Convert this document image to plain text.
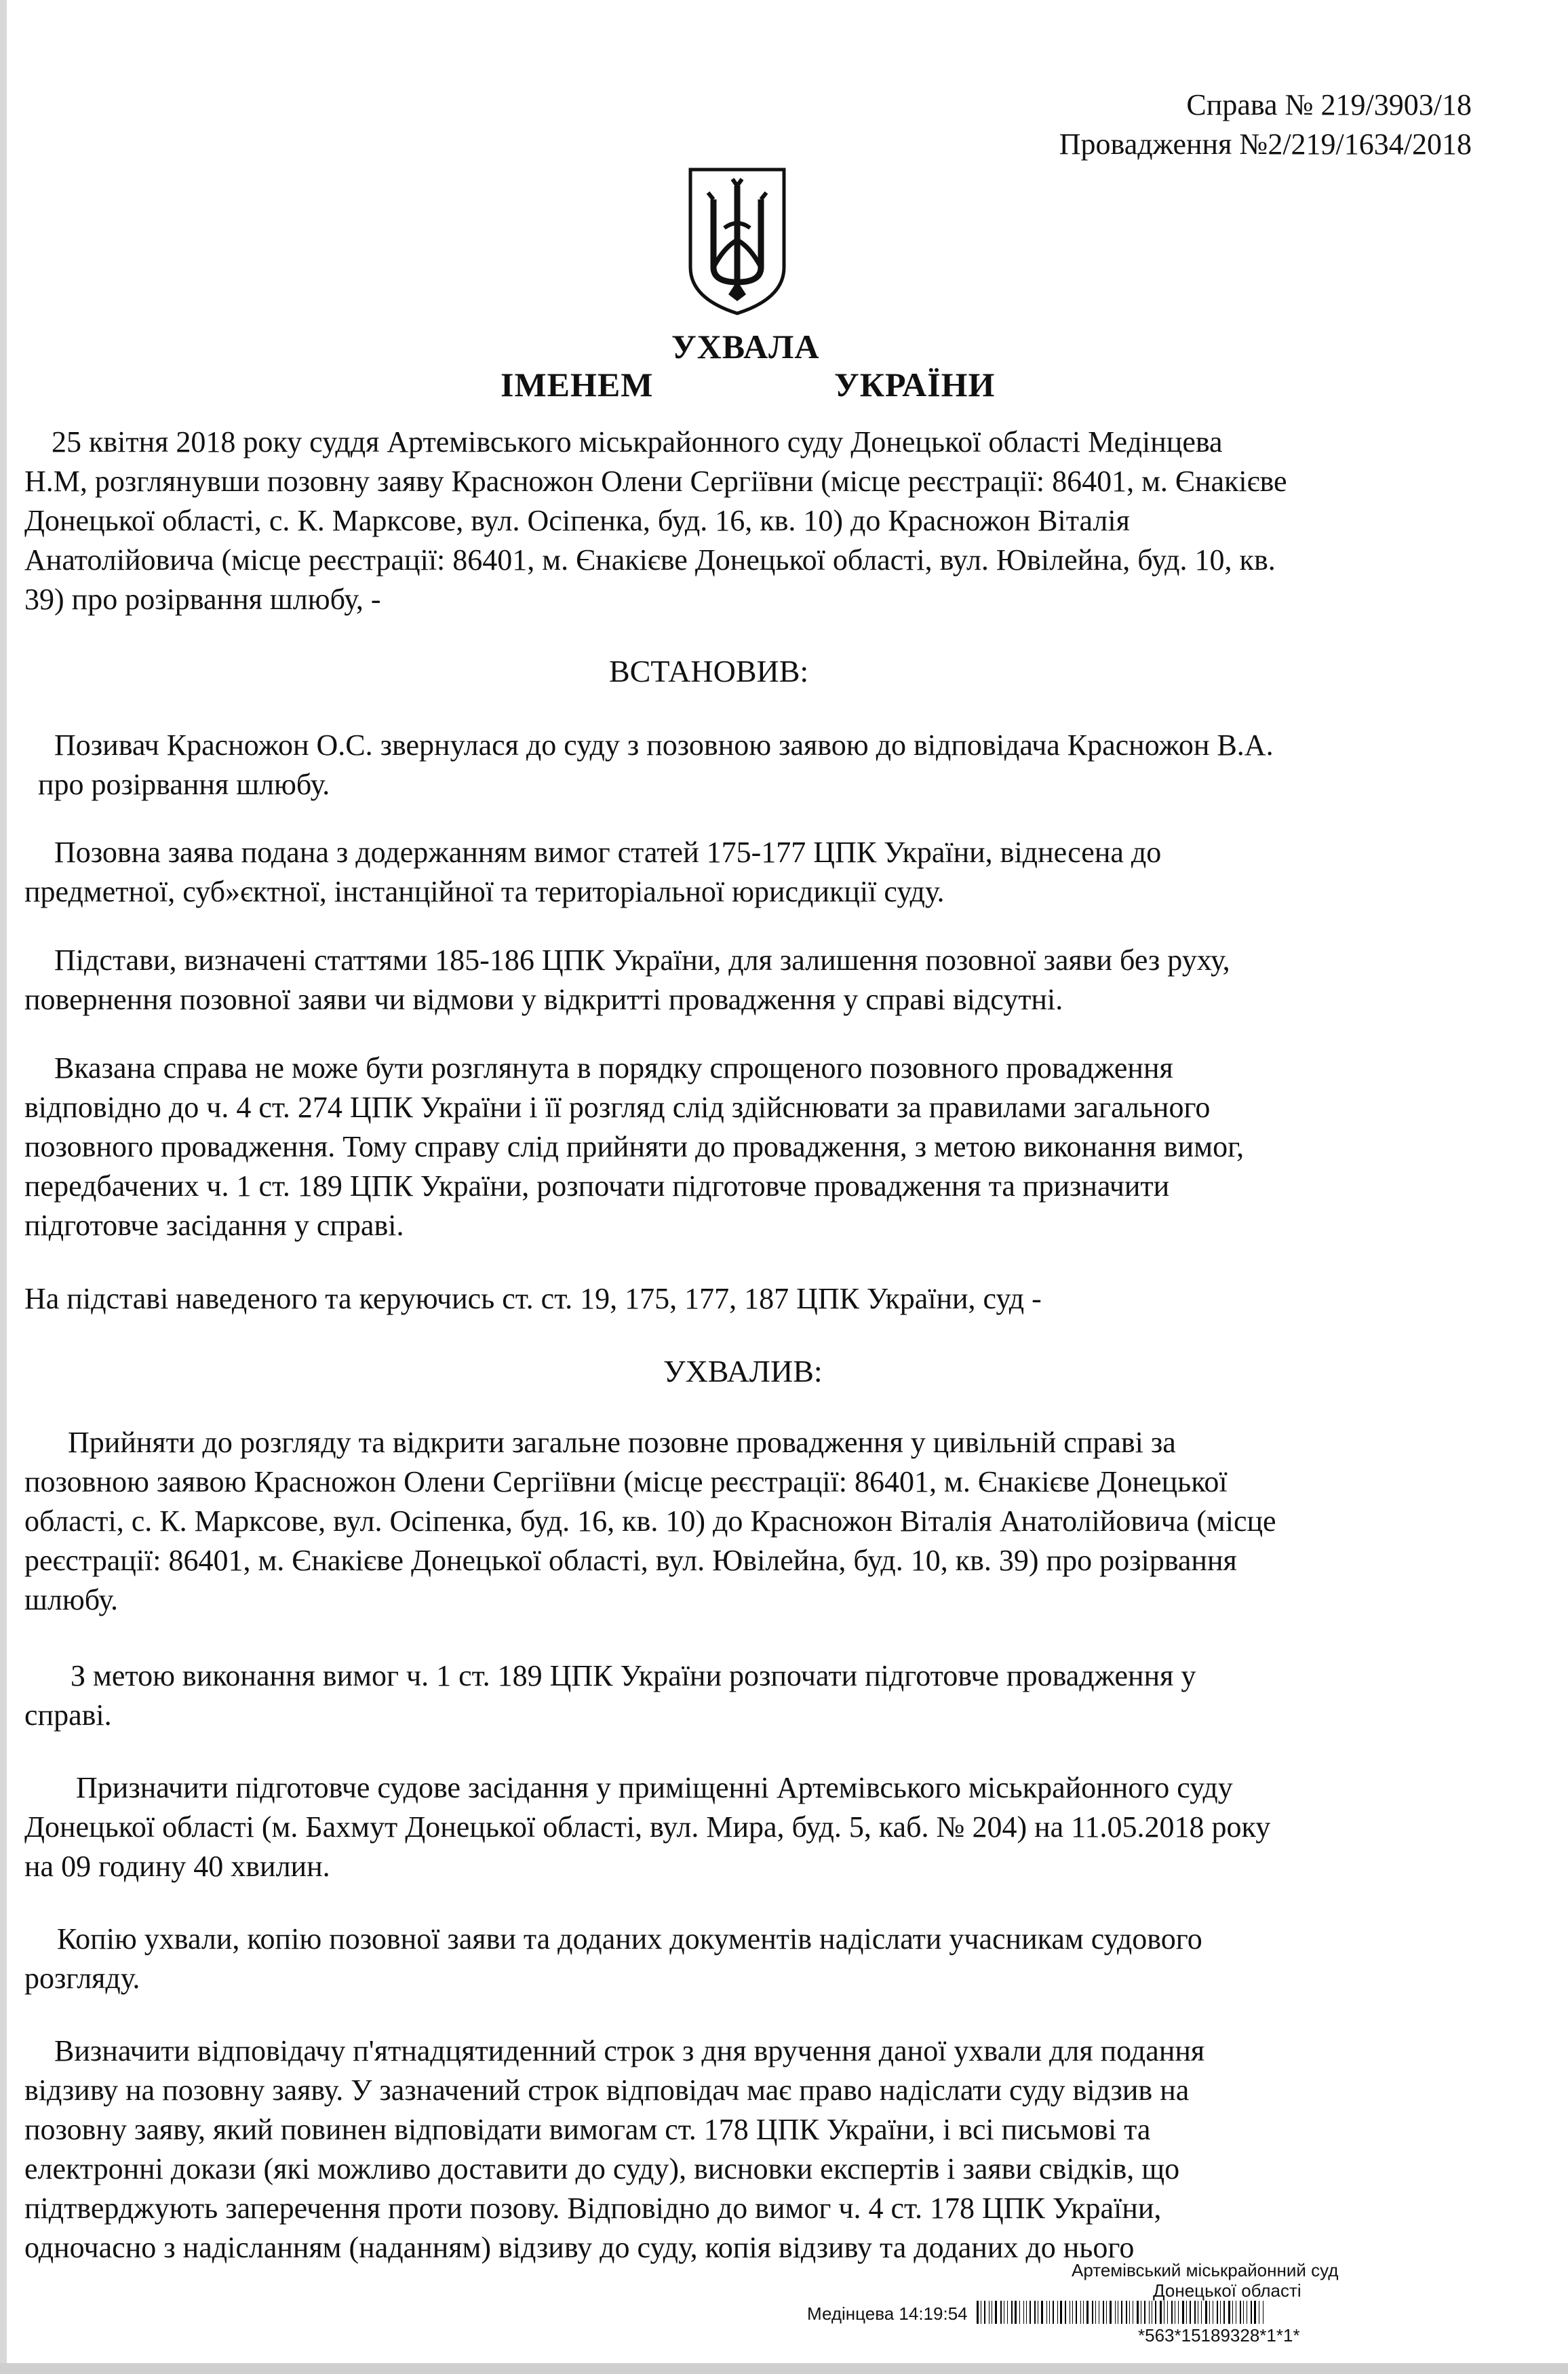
Справа № 219/3903/18
Провадження №2/219/1634/2018
УХВАЛА
ІМЕНЕМ	УКРАЇНИ
25 квітня 2018 року суддя Артемівського міськрайонного суду Донецької області Медінцева
Н.М, розглянувши позовну заяву Красножон Олени Сергіївни (місце реєстрації: 86401, м. Єнакієве
Донецької області, с. К. Марксове, вул. Осіпенка, буд. 16, кв. 10) до Красножон Віталія
Анатолійовича (місце реєстрації: 86401, м. Єнакієве Донецької області, вул. Ювілейна, буд. 10, кв.
39) про розірвання шлюбу, -
ВСТАНОВИВ:
Позивач Красножон О.С. звернулася до суду з позовною заявою до відповідача Красножон В.А.
про розірвання шлюбу.
Позовна заява подана з додержанням вимог статей 175-177 ЦПК України, віднесена до
предметної, суб»єктної, інстанційної та територіальної юрисдикції суду.
Підстави, визначені статтями 185-186 ЦПК України, для залишення позовної заяви без руху,
повернення позовної заяви чи відмови у відкритті провадження у справі відсутні.
Вказана справа не може бути розглянута в порядку спрощеного позовного провадження
відповідно до ч. 4 ст. 274 ЦПК України і її розгляд слід здійснювати за правилами загального
позовного провадження. Тому справу слід прийняти до провадження, з метою виконання вимог,
передбачених ч. 1 ст. 189 ЦПК України, розпочати підготовче провадження та призначити
підготовче засідання у справі.
На підставі наведеного та керуючись ст. ст. 19, 175, 177, 187 ЦПК України, суд -
УХВАЛИВ:
Прийняти до розгляду та відкрити загальне позовне провадження у цивільній справі за
позовною заявою Красножон Олени Сергіївни (місце реєстрації: 86401, м. Єнакієве Донецької
області, с. К. Марксове, вул. Осіпенка, буд. 16, кв. 10) до Красножон Віталія Анатолійовича (місце
реєстрації: 86401, м. Єнакієве Донецької області, вул. Ювілейна, буд. 10, кв. 39) про розірвання
шлюбу.
З метою виконання вимог ч. 1 ст. 189 ЦПК України розпочати підготовче провадження у
справі.
Призначити підготовче судове засідання у приміщенні Артемівського міськрайонного суду
Донецької області (м. Бахмут Донецької області, вул. Мира, буд. 5, каб. № 204) на 11.05.2018 року
на 09 годину 40 хвилин.
Копію ухвали, копію позовної заяви та доданих документів надіслати учасникам судового
розгляду.
Визначити відповідачу п'ятнадцятиденний строк з дня вручення даної ухвали для подання
відзиву на позовну заяву. У зазначений строк відповідач має право надіслати суду відзив на
позовну заяву, який повинен відповідати вимогам ст. 178 ЦПК України, і всі письмові та
електронні докази (які можливо доставити до суду), висновки експертів і заяви свідків, що
підтверджують заперечення проти позову. Відповідно до вимог ч. 4 ст. 178 ЦПК України,
одночасно з надісланням (наданням) відзиву до суду, копія відзиву та доданих до нього
Артемівський міськрайонний суд
Донецької області
Медінцева 14:19:54
*563*15189328*1*1*
